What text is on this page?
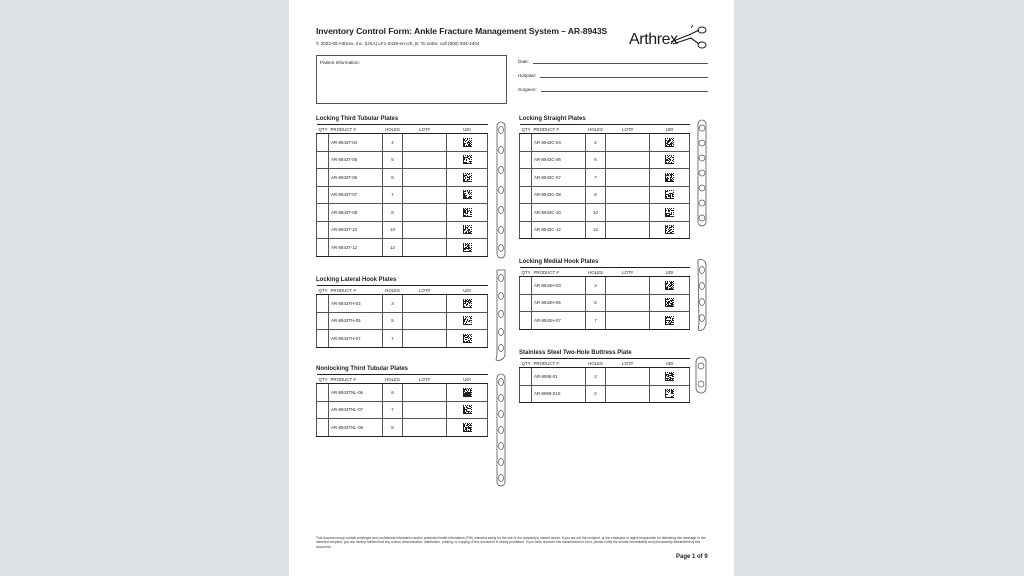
Inventory Control Form: Ankle Fracture Management System – AR-8943S
© 2022-09 Arthrex, Inc. (USA) LF1-0439-en-US_B. To order, call (800) 934-4404	Arthrex
Patient Information:	Date:
Hospital:
Surgeon:
Locking Third Tubular Plates
QTY	PRODUCT #	HOLES	LOT#	UDI
	AR-8943T-04	4		

	AR-8943T-05	5		

	AR-8943T-06	6		

	AR-8943T-07	7		

	AR-8943T-08	8		

	AR-8943T-10	10		

	AR-8943T-12	12		
Locking Lateral Hook Plates
QTY	PRODUCT #	HOLES	LOT#	UDI
	AR-8943TH-03	3		

	AR-8943TH-05	5		

	AR-8943TH-07	7		
Nonlocking Third Tubular Plates
QTY	PRODUCT #	HOLES	LOT#	UDI
	AR-8943TNL-06	6		

	AR-8943TNL-07	7		

	AR-8943TNL-08	8		
Locking Straight Plates
QTY	PRODUCT #	HOLES	LOT#	UDI
	AR-8943C-04	4		

	AR-8943C-06	6		

	AR-8943C-07	7		

	AR-8943C-08	8		

	AR-8943C-10	10		

	AR-8943C-12	12		
Locking Medial Hook Plates
QTY	PRODUCT #	HOLES	LOT#	UDI
	AR-8943H-03	3		

	AR-8943H-05	5		

	AR-8943H-07	7		
Stainless Steel Two-Hole Buttress Plate
QTY	PRODUCT #	HOLES	LOT#	UDI
	AR-8958-01	2		

	AR-8959-01S	2		
This document may contain privileged and confidential information and/or protected health information (PHI) intended solely for the use of the recipient(s) named above. If you are not the recipient, or the employee or agent responsible for delivering this message to the intended recipient, you are hereby notified that any review, dissemination, distribution, printing, or copying of this document is strictly prohibited. If you have received this transmission in error, please notify the sender immediately and permanently delete/destroy this document.
Page 1 of 9
